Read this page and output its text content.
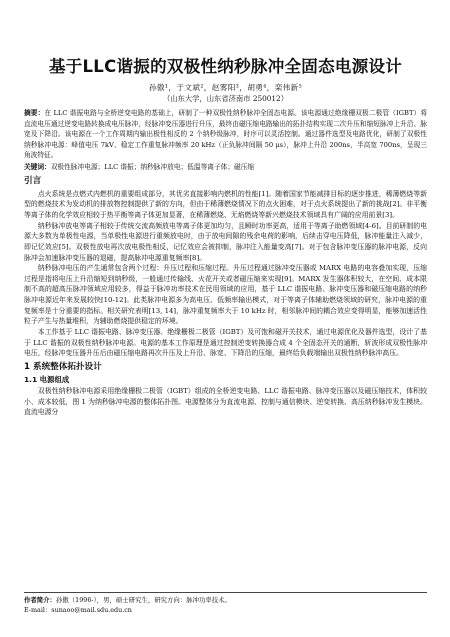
基于LLC谐振的双极性纳秒脉冲全固态电源设计
孙傲¹，于文斌²，赵雾阳³，胡勇⁴，栾伟新⁵
（山东大学，山东省济南市 250012）
摘要：在 LLC 谐振电路与全桥逆变电路的基础上，研制了一种双极性纳秒脉冲全固态电源。该电源通过绝缘栅双极二极管（IGBT）将直流电压通过逆变电路转换成电压脉冲，经脉冲变压器进行升压，最终由磁压缩电路输出的拓扑结构实现二次升压和缩短脉冲上升沿、脉宽及下降沿。该电源在一个工作周期内输出极性相反的 2 个纳秒级脉冲，时序可以灵活控制。通过器件选型及电路优化，研制了双极性纳秒脉冲电源：峰值电压 7kV、稳定工作重复脉冲频率 20 kHz（正负脉冲间隔 50 μs），脉冲上升沿 200ns，半高宽 700ns，呈现三角波特征。
关键词：双极性脉冲电源；LLC 谐振；纳秒脉冲放电；低温等离子体；磁压缩
引言

点火系统是点燃式内燃机的重要组成部分，其优劣直接影响内燃机的性能[1]。随着国家节能减排目标的逐步推进，稀薄燃烧等新型的燃烧技术为发动机的排放物控制提供了新的方向，但由于稀薄燃烧情况下的点火困难，对于点火系统提出了新的挑战[2]。非平衡等离子体的化学效应相较于热平衡等离子体更加显著，在稀薄燃烧、无焰燃烧等新兴燃烧技术领域具有广阔的应用前景[3]。

纳秒脉冲放电等离子相较于传统交流高频放电等离子体更加均匀，且瞬时功率更高，适用于等离子助燃领域[4-6]。目前研制的电源大多数为单极性电源，当单极性电源进行重频放电时，由于放电间隙的残余电荷的影响，后续击穿电压降低，脉冲能量注入减少，即记忆效应[5]。双极性放电再次放电极性相反，记忆效应会被抑制，脉冲注入能量变高[7]。对于包含脉冲变压器的脉冲电源，反向脉冲会加速脉冲变压器的退磁，提高脉冲电源重复频率[8]。

纳秒脉冲电压的产生通常包含两个过程：升压过程和压缩过程。升压过程通过脉冲变压器或 MARX 电路的电容叠加实现，压缩过程是指将电压上升沿缩短到纳秒级，一般通过传输线、火花开关或者磁压缩来实现[9]。MARX 发生器体积较大，在空间、成本限制不高的超高压脉冲领域应用较多，得益于脉冲功率技术在民用领域的应用，基于 LLC 谐振电路、脉冲变压器和磁压缩电路的纳秒脉冲电源近年来发展较快[10-12]。此类脉冲电源多为高电压、低频率输出模式，对于等离子体辅助燃烧领域的研究，脉冲电源的重复频率是十分重要的指标。相关研究表明[13, 14]，脉冲重复频率大于 10 kHz 时，相邻脉冲间的耦合效应变得明显，能够加速活性粒子产生与热量堆积，为辅助燃烧提供稳定的环境。

本工作基于 LLC 谐振电路、脉冲变压器、绝缘栅极二极管（IGBT）及可饱和磁开关技术，通过电源优化及器件选型，设计了基于 LLC 谐振的双极性纳秒脉冲电源。电源的基本工作原理是通过控制逆变转换器合成 4 个全固态开关的通断，斩波形成双极性脉冲电压，经脉冲变压器升压后由磁压缩电路再次升压及上升沿、脉宽、下降沿的压缩，最终给负载端输出双极性纳秒脉冲高压。

1 系统整体拓扑设计
1.1 电源组成

双极性纳秒脉冲电源采用绝缘栅极二极管（IGBT）组成的全桥逆变电路、LLC 谐振电路、脉冲变压器以及磁压缩技术，体积较小、成本较低，图 1 为纳秒脉冲电源的整体拓扑图。电源整体分为直流电源、控制与通信模块、逆变转换、高压纳秒脉冲发生模块。直流电源分

作者简介：孙傲（1996-），男，硕士研究生，研究方向：脉冲功率技术。
E-mail：sunaoo@mail.sdu.edu.cn
